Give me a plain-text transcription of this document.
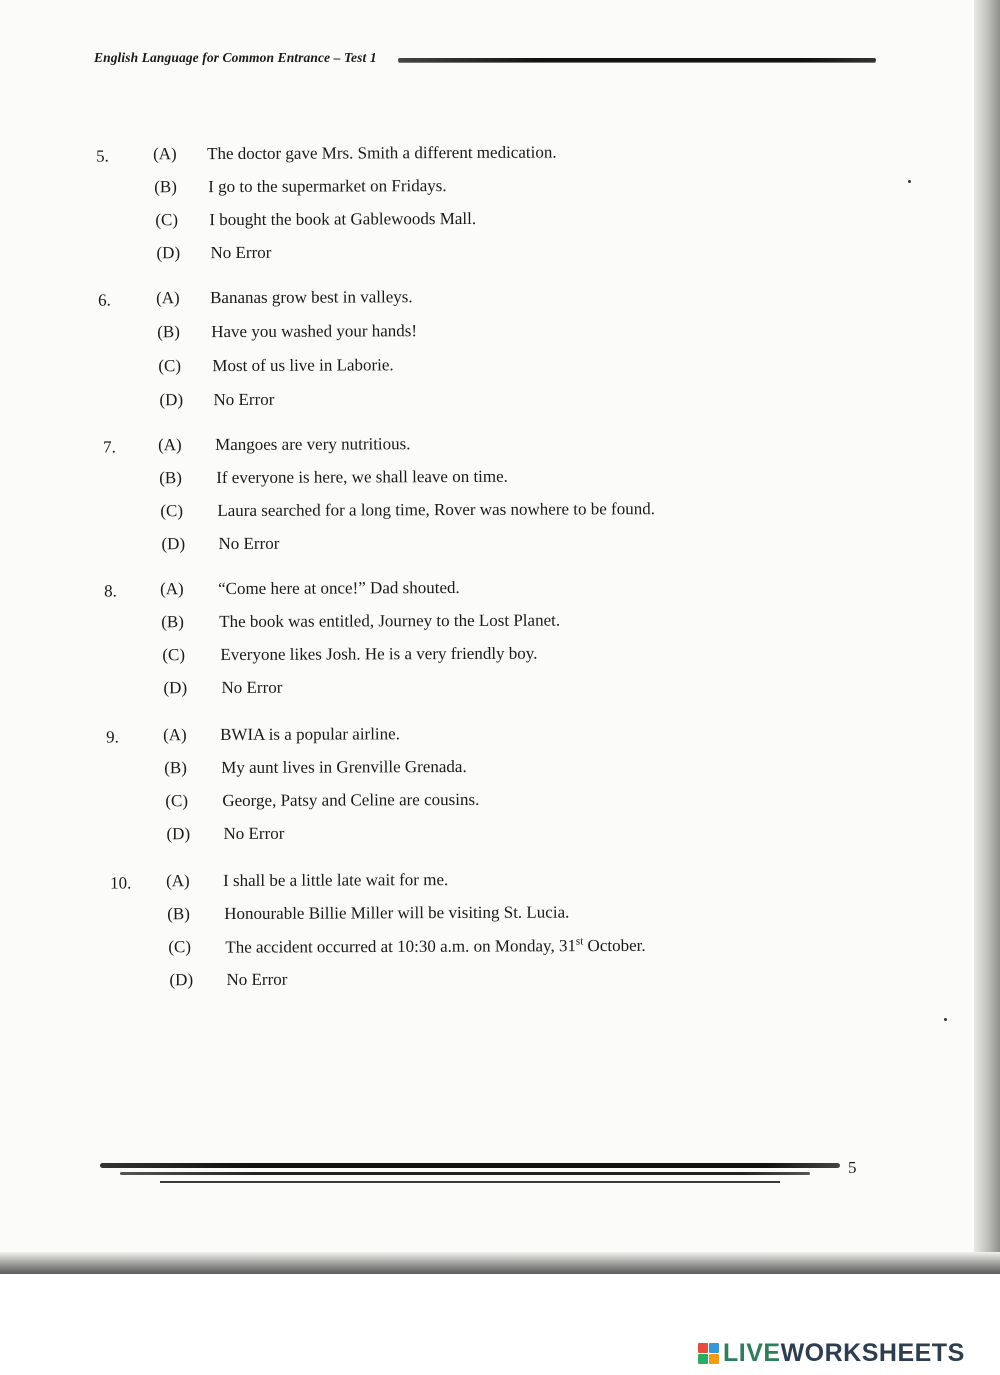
English Language for Common Entrance – Test 1
5.	(A) The doctor gave Mrs. Smith a different medication.
(B) I go to the supermarket on Fridays.
(C) I bought the book at Gablewoods Mall.
(D) No Error
6.	(A) Bananas grow best in valleys.
(B) Have you washed your hands!
(C) Most of us live in Laborie.
(D) No Error
7. (A) Mangoes are very nutritious.
(B) If everyone is here, we shall leave on time.
(C) Laura searched for a long time, Rover was nowhere to be found.
(D) No Error
8.	(A) “Come here at once!” Dad shouted.
(B) The book was entitled, Journey to the Lost Planet.
(C) Everyone likes Josh. He is a very friendly boy.
(D) No Error
9.	(A) BWIA is a popular airline.
(B) My aunt lives in Grenville Grenada.
(C) George, Patsy and Celine are cousins.
(D) No Error
10. (A) I shall be a little late wait for me.
(B) Honourable Billie Miller will be visiting St. Lucia.
(C) The accident occurred at 10:30 a.m. on Monday, 31st October.
(D) No Error
5
LIVEWORKSHEETS
